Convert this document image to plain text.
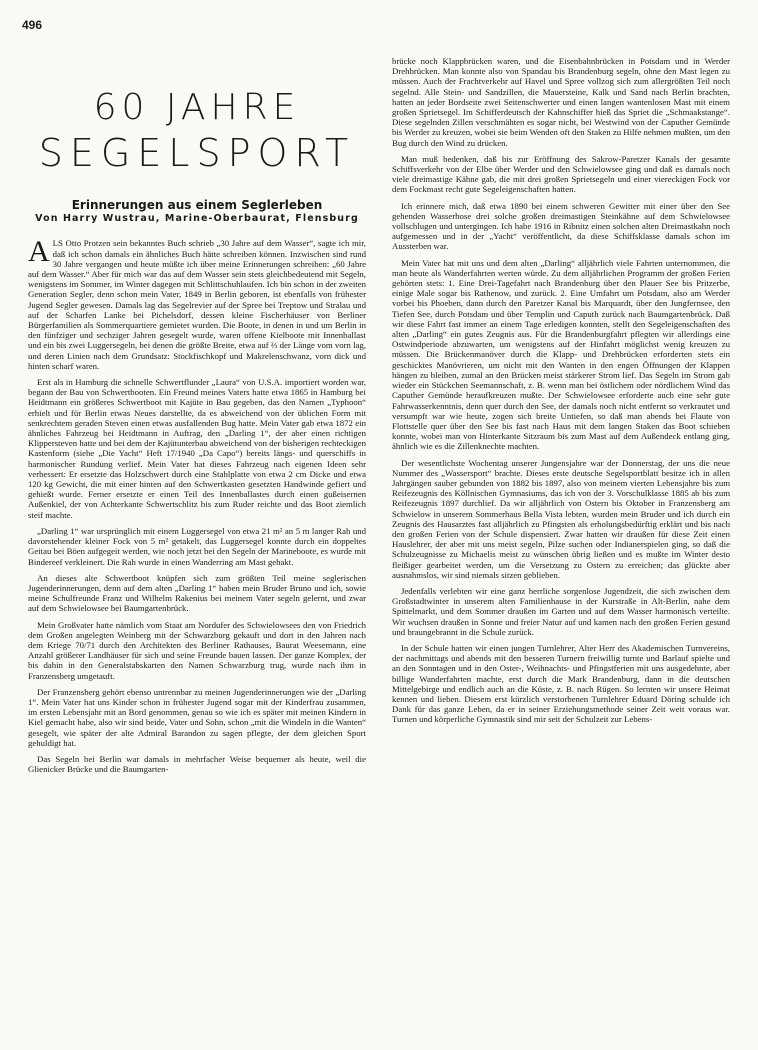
496
60 JAHRE
SEGELSPORT
Erinnerungen aus einem Seglerleben
Von Harry Wustrau, Marine-Oberbaurat, Flensburg

ALS Otto Protzen sein bekanntes Buch schrieb „30 Jahre auf dem Wasser“, sagte ich mir, daß ich schon damals ein ähnliches Buch hätte schreiben können. Inzwischen sind rund 30 Jahre vergangen und heute müßte ich über meine Erinnerungen schreiben: „60 Jahre auf dem Wasser.“ Aber für mich war das auf dem Wasser sein stets gleichbedeutend mit Segeln, wenigstens im Sommer, im Winter dagegen mit Schlittschuhlaufen. Ich bin schon in der zweiten Generation Segler, denn schon mein Vater, 1849 in Berlin geboren, ist ebenfalls von frühester Jugend Segler gewesen. Damals lag das Segelrevier auf der Spree bei Treptow und Stralau und auf der Scharfen Lanke bei Pichelsdorf, dessen kleine Fischerhäuser von Berliner Bürgerfamilien als Sommerquartiere gemietet wurden. Die Boote, in denen in und um Berlin in den fünfziger und sechziger Jahren gesegelt wurde, waren offene Kielboote mit Innenballast und ein bis zwei Luggersegeln, bei denen die größte Breite, etwa auf ⅔ der Länge vom vorn lag, und deren Linien nach dem Grundsatz: Stockfischkopf und Makrelenschwanz, vorn dick und hinten scharf waren.

Erst als in Hamburg die schnelle Schwertflunder „Laura“ von U.S.A. importiert worden war, begann der Bau von Schwertbooten. Ein Freund meines Vaters hatte etwa 1865 in Hamburg bei Heidtmann ein größeres Schwertboot mit Kajüte in Bau gegeben, das den Namen „Typhoon“ erhielt und für Berlin etwas Neues darstellte, da es abweichend von der üblichen Form mit senkrechtem geraden Steven einen etwas ausfallenden Bug hatte. Mein Vater gab etwa 1872 ein ähnliches Fahrzeug bei Heidtmann in Auftrag, den „Darling 1“, der aber einen richtigen Klippersteven hatte und bei dem der Kajütunterbau abweichend von der bisherigen rechteckigen Kastenform (siehe „Die Yacht“ Heft 17/1940 „Da Capo“) bereits längs- und querschiffs in harmonischer Rundung verlief. Mein Vater hat dieses Fahrzeug nach eigenen Ideen sehr verbessert: Er ersetzte das Holzschwert durch eine Stahlplatte von etwa 2 cm Dicke und etwa 120 kg Gewicht, die mit einer hinten auf den Schwertkasten gesetzten Handwinde gefiert und gehießt wurde. Ferner ersetzte er einen Teil des Innenballastes durch einen gußeisernen Außenkiel, der von Achterkante Schwertschlitz bis zum Ruder reichte und das Boot ziemlich steif machte.

„Darling 1“ war ursprünglich mit einem Luggersegel von etwa 21 m² an 5 m langer Rah und davorstehender kleiner Fock von 5 m² getakelt, das Luggersegel konnte durch ein doppeltes Geitau bei Böen aufgegeit werden, wie noch jetzt bei den Segeln der Marineboote, es wurde mit Bindereef verkleinert. Die Rah wurde in einen Wanderring am Mast gehakt.

An dieses alte Schwertboot knüpfen sich zum größten Teil meine seglerischen Jugenderinnerungen, denn auf dem alten „Darling 1“ haben mein Bruder Bruno und ich, sowie meine Schulfreunde Franz und Wilhelm Rakenius bei meinem Vater segeln gelernt, und zwar auf dem Schwielowsee bei Baumgartenbrück.

Mein Großvater hatte nämlich vom Staat am Nordufer des Schwielowsees den von Friedrich dem Großen angelegten Weinberg mit der Schwarzburg gekauft und dort in den Jahren nach dem Kriege 70/71 durch den Architekten des Berliner Rathauses, Baurat Weesemann, eine Anzahl größerer Landhäuser für sich und seine Freunde bauen lassen. Der ganze Komplex, der bis dahin in den Generalstabskarten den Namen Schwarzburg trug, wurde nach ihm in Franzensberg umgetauft.

Der Franzensberg gehört ebenso untrennbar zu meinen Jugenderinnerungen wie der „Darling 1“. Mein Vater hat uns Kinder schon in frühester Jugend sogar mit der Kinderfrau zusammen, im ersten Lebensjahr mit an Bord genommen, genau so wie ich es später mit meinen Kindern in Kiel gemacht habe, also wir sind beide, Vater und Sohn, schon „mit die Windeln in die Wanten“ gesegelt, wie später der alte Admiral Barandon zu sagen pflegte, der dem gleichen Sport gehuldigt hat.

Das Segeln bei Berlin war damals in mehrfacher Weise bequemer als heute, weil die Glienicker Brücke und die Baumgarten-

brücke noch Klappbrücken waren, und die Eisenbahnbrücken in Potsdam und in Werder Drehbrücken. Man konnte also von Spandau bis Brandenburg segeln, ohne den Mast legen zu müssen. Auch der Frachtverkehr auf Havel und Spree vollzog sich zum allergrößten Teil noch segelnd. Alle Stein- und Sandzillen, die Mauersteine, Kalk und Sand nach Berlin brachten, hatten an jeder Bordseite zwei Seitenschwerter und einen langen wantenlosen Mast mit einem großen Sprietsegel. Im Schifferdeutsch der Kahnschiffer hieß das Spriet die „Schmaakstange“. Diese segelnden Zillen verschmähten es sogar nicht, bei Westwind von der Caputher Gemünde bis Werder zu kreuzen, wobei sie beim Wenden oft den Staken zu Hilfe nehmen mußten, um den Bug durch den Wind zu drücken.

Man muß bedenken, daß bis zur Eröffnung des Sakrow-Paretzer Kanals der gesamte Schiffsverkehr von der Elbe über Werder und den Schwielowsee ging und daß es damals noch viele dreimastige Kähne gab, die mit drei großen Sprietsegeln und einer viereckigen Fock vor dem Fockmast recht gute Segeleigenschaften hatten.

Ich erinnere mich, daß etwa 1890 bei einem schweren Gewitter mit einer über den See gehenden Wasserhose drei solche großen dreimastigen Steinkähne auf dem Schwielowsee vollschlugen und untergingen. Ich habe 1916 in Ribnitz einen solchen alten Dreimastkahn noch aufgemessen und in der „Yacht“ veröffentlicht, da diese Schiffsklasse damals schon im Aussterben war.

Mein Vater hat mit uns und dem alten „Darling“ alljährlich viele Fahrten unternommen, die man heute als Wanderfahrten werten würde. Zu dem alljährlichen Programm der großen Ferien gehörten stets: 1. Eine Drei-Tagefahrt nach Brandenburg über den Plauer See bis Pritzerbe, einige Male sogar bis Rathenow, und zurück. 2. Eine Umfahrt um Potsdam, also am Werder vorbei bis Phoeben, dann durch den Paretzer Kanal bis Marquardt, über den Jungfernsee, den Tiefen See, durch Potsdam und über Templin und Caputh zurück nach Baumgartenbrück. Daß wir diese Fahrt fast immer an einem Tage erledigen konnten, stellt den Segeleigenschaften des alten „Darling“ ein gutes Zeugnis aus. Für die Brandenburgfahrt pflegten wir allerdings eine Ostwindperiode abzuwarten, um wenigstens auf der Hinfahrt möglichst wenig kreuzen zu müssen. Die Brückenmanöver durch die Klapp- und Drehbrücken erforderten stets ein geschicktes Manövrieren, um nicht mit den Wanten in den engen Öffnungen der Klappen hängen zu bleiben, zumal an den Brücken meist stärkerer Strom lief. Das Segeln im Strom gab wieder ein Stückchen Seemannschaft, z. B. wenn man bei östlichem oder nördlichem Wind das Caputher Gemünde heraufkreuzen mußte. Der Schwielowsee erforderte auch eine sehr gute Fahrwasserkenntnis, denn quer durch den See, der damals noch nicht entfernt so verkrautet und versumpft war wie heute, zogen sich breite Untiefen, so daß man abends bei Flaute von Flottstelle quer über den See bis fast nach Haus mit dem langen Staken das Boot schieben konnte, wobei man von Hinterkante Sitzraum bis zum Mast auf dem Außendeck entlang ging, ähnlich wie es die Zillenknechte machten.

Der wesentlichste Wochentag unserer Jungensjahre war der Donnerstag, der uns die neue Nummer des „Wassersport“ brachte. Dieses erste deutsche Segelsportblatt besitze ich in allen Jahrgängen sauber gebunden von 1882 bis 1897, also von meinem vierten Lebensjahre bis zum Reifezeugnis des Köllnischen Gymnasiums, das ich von der 3. Vorschulklasse 1885 ab bis zum Reifezeugnis 1897 durchlief. Da wir alljährlich von Ostern bis Oktober in Franzensberg am Schwielow in unserem Sommerhaus Bella Vista lebten, wurden mein Bruder und ich durch ein Zeugnis des Hausarztes fast alljährlich zu Pfingsten als erholungsbedürftig erklärt und bis nach den großen Ferien von der Schule dispensiert. Zwar hatten wir draußen für diese Zeit einen Hauslehrer, der aber mit uns meist segeln, Pilze suchen oder Indianerspielen ging, so daß die Schulzeugnisse zu Michaelis meist zu wünschen übrig ließen und es mußte im Winter desto fleißiger gearbeitet werden, um die Versetzung zu Ostern zu erreichen; das glückte aber ausnahmslos, wir sind niemals sitzen geblieben.

Jedenfalls verlebten wir eine ganz herrliche sorgenlose Jugendzeit, die sich zwischen dem Großstadtwinter in unserem alten Familienhause in der Kurstraße in Alt-Berlin, nahe dem Spittelmarkt, und dem Sommer draußen im Garten und auf dem Wasser harmonisch verteilte. Wir wuchsen draußen in Sonne und freier Natur auf und kamen nach den großen Ferien gesund und braungebrannt in die Schule zurück.

In der Schule hatten wir einen jungen Turnlehrer, Alter Herr des Akademischen Turnvereins, der nachmittags und abends mit den besseren Turnern freiwillig turnte und Barlauf spielte und an den Sonntagen und in den Oster-, Weihnachts- und Pfingstferien mit uns ausgedehnte, aber billige Wanderfahrten machte, erst durch die Mark Brandenburg, dann in die deutschen Mittelgebirge und endlich auch an die Küste, z. B. nach Rügen. So lernten wir unsere Heimat kennen und lieben. Diesem erst kürzlich verstorbenen Turnlehrer Eduard Döring schulde ich Dank für das ganze Leben, da er in seiner Erziehungsmethode seiner Zeit weit voraus war. Turnen und körperliche Gymnastik sind mir seit der Schulzeit zur Lebens-
